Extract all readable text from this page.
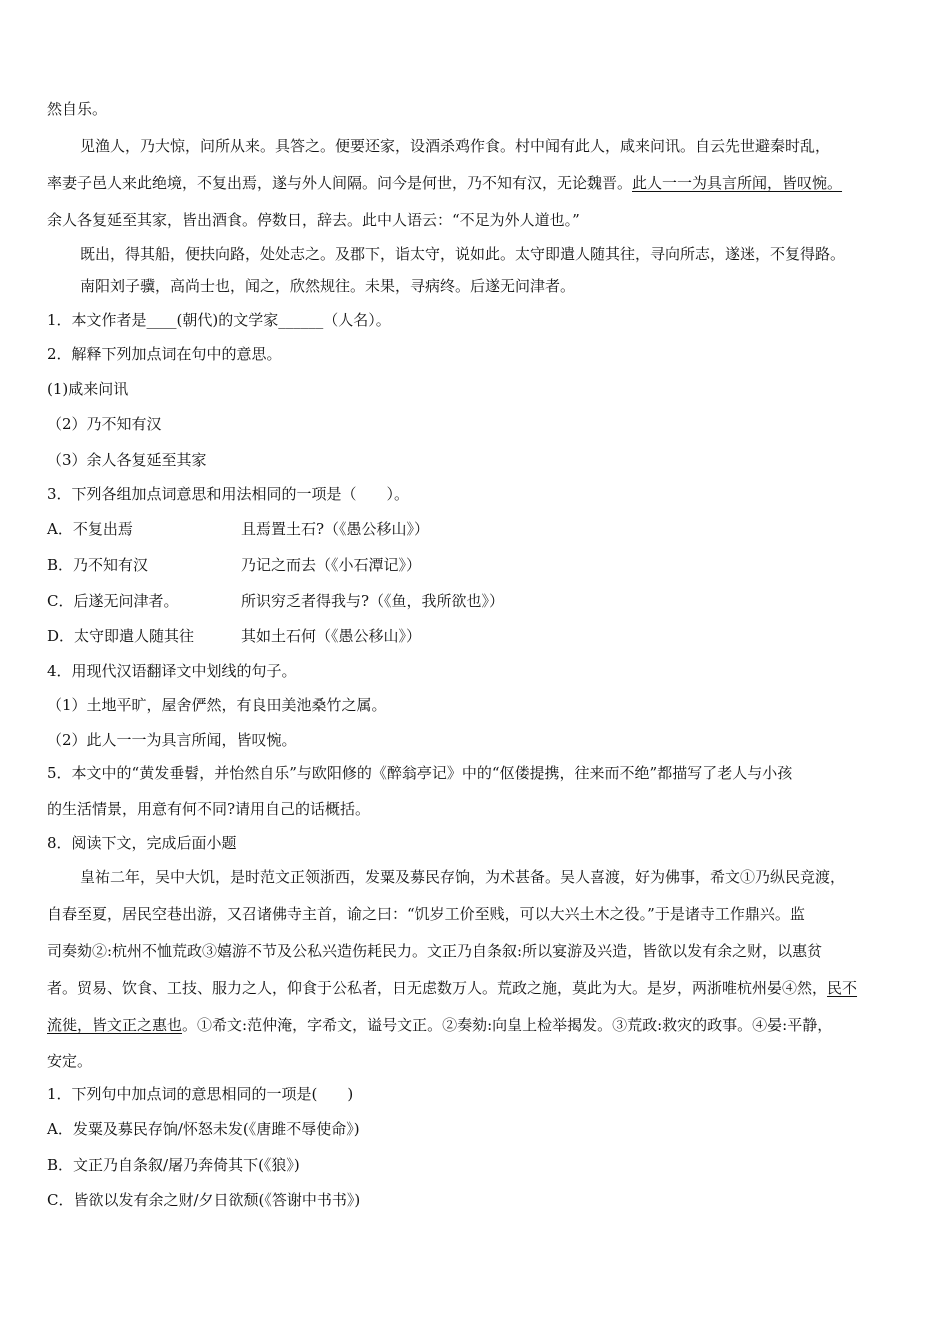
然自乐。
见渔人，乃大惊，问所从来。具答之。便要还家，设酒杀鸡作食。村中闻有此人，咸来问讯。自云先世避秦时乱，
率妻子邑人来此绝境，不复出焉，遂与外人间隔。问今是何世，乃不知有汉，无论魏晋。此人一一为具言所闻，皆叹惋。
余人各复延至其家，皆出酒食。停数日，辞去。此中人语云：“不足为外人道也。”
既出，得其船，便扶向路，处处志之。及郡下，诣太守，说如此。太守即遣人随其往，寻向所志，遂迷，不复得路。
南阳刘子骥，高尚士也，闻之，欣然规往。未果，寻病终。后遂无问津者。
1．本文作者是____(朝代)的文学家______（人名）。
2．解释下列加点词在句中的意思。
(1)咸来问讯
（2）乃不知有汉
（3）余人各复延至其家
3．下列各组加点词意思和用法相同的一项是（　　）。
A．不复出焉	且焉置土石?（《愚公移山》）
B．乃不知有汉	乃记之而去（《小石潭记》）
C．后遂无问津者。	所识穷乏者得我与?（《鱼，我所欲也》）
D．太守即遣人随其往	其如土石何（《愚公移山》）
4．用现代汉语翻译文中划线的句子。
（1）土地平旷，屋舍俨然，有良田美池桑竹之属。
（2）此人一一为具言所闻，皆叹惋。
5．本文中的“黄发垂髫，并怡然自乐”与欧阳修的《醉翁亭记》中的“伛偻提携，往来而不绝”都描写了老人与小孩
的生活情景，用意有何不同?请用自己的话概括。
8．阅读下文，完成后面小题
皇祐二年，吴中大饥，是时范文正领浙西，发粟及募民存饷，为术甚备。吴人喜渡，好为佛事，希文①乃纵民竞渡，
自春至夏，居民空巷出游，又召诸佛寺主首，谕之曰：“饥岁工价至贱，可以大兴土木之役。”于是诸寺工作鼎兴。监
司奏劾②:杭州不恤荒政③嬉游不节及公私兴造伤耗民力。文正乃自条叙:所以宴游及兴造，皆欲以发有余之财，以惠贫
者。贸易、饮食、工技、服力之人，仰食于公私者，日无虑数万人。荒政之施，莫此为大。是岁，两浙唯杭州晏④然，民不
流徙，皆文正之惠也。①希文:范仲淹，字希文，谥号文正。②奏劾:向皇上检举揭发。③荒政:救灾的政事。④晏:平静，
安定。
1．下列句中加点词的意思相同的一项是(　　)
A．发粟及募民存饷/怀怒未发(《唐雎不辱使命》)
B．文正乃自条叙/屠乃奔倚其下(《狼》)
C．皆欲以发有余之财/夕日欲颓(《答谢中书书》)
